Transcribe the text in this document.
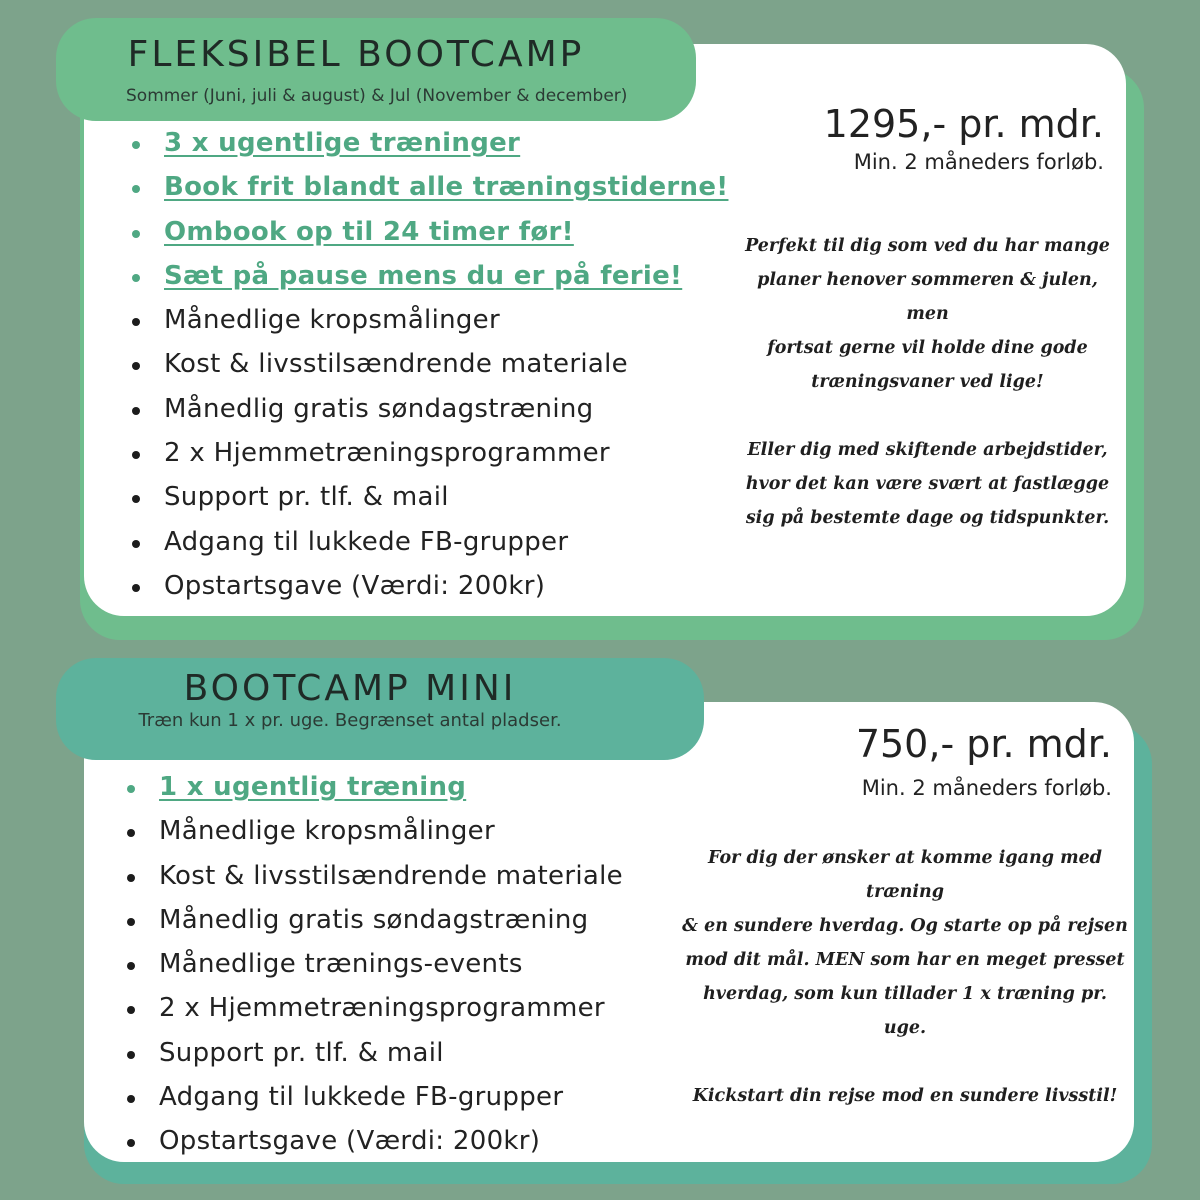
FLEKSIBEL BOOTCAMP
Sommer (Juni, juli & august) & Jul (November & december)
3 x ugentlige træninger
Book frit blandt alle træningstiderne!
Ombook op til 24 timer før!
Sæt på pause mens du er på ferie!
Månedlige kropsmålinger
Kost & livsstilsændrende materiale
Månedlig gratis søndagstræning
2 x Hjemmetræningsprogrammer
Support pr. tlf. & mail
Adgang til lukkede FB-grupper
Opstartsgave (Værdi: 200kr)
1295,- pr. mdr.
Min. 2 måneders forløb.

Perfekt til dig som ved du har mange

planer henover sommeren & julen, men

fortsat gerne vil holde dine gode

træningsvaner ved lige!

Eller dig med skiftende arbejdstider,

hvor det kan være svært at fastlægge

sig på bestemte dage og tidspunkter.

BOOTCAMP MINI
Træn kun 1 x pr. uge. Begrænset antal pladser.
1 x ugentlig træning
Månedlige kropsmålinger
Kost & livsstilsændrende materiale
Månedlig gratis søndagstræning
Månedlige trænings-events
2 x Hjemmetræningsprogrammer
Support pr. tlf. & mail
Adgang til lukkede FB-grupper
Opstartsgave (Værdi: 200kr)
750,- pr. mdr.
Min. 2 måneders forløb.

For dig der ønsker at komme igang med træning

& en sundere hverdag. Og starte op på rejsen

mod dit mål. MEN som har en meget presset

hverdag, som kun tillader 1 x træning pr. uge.

Kickstart din rejse mod en sundere livsstil!
